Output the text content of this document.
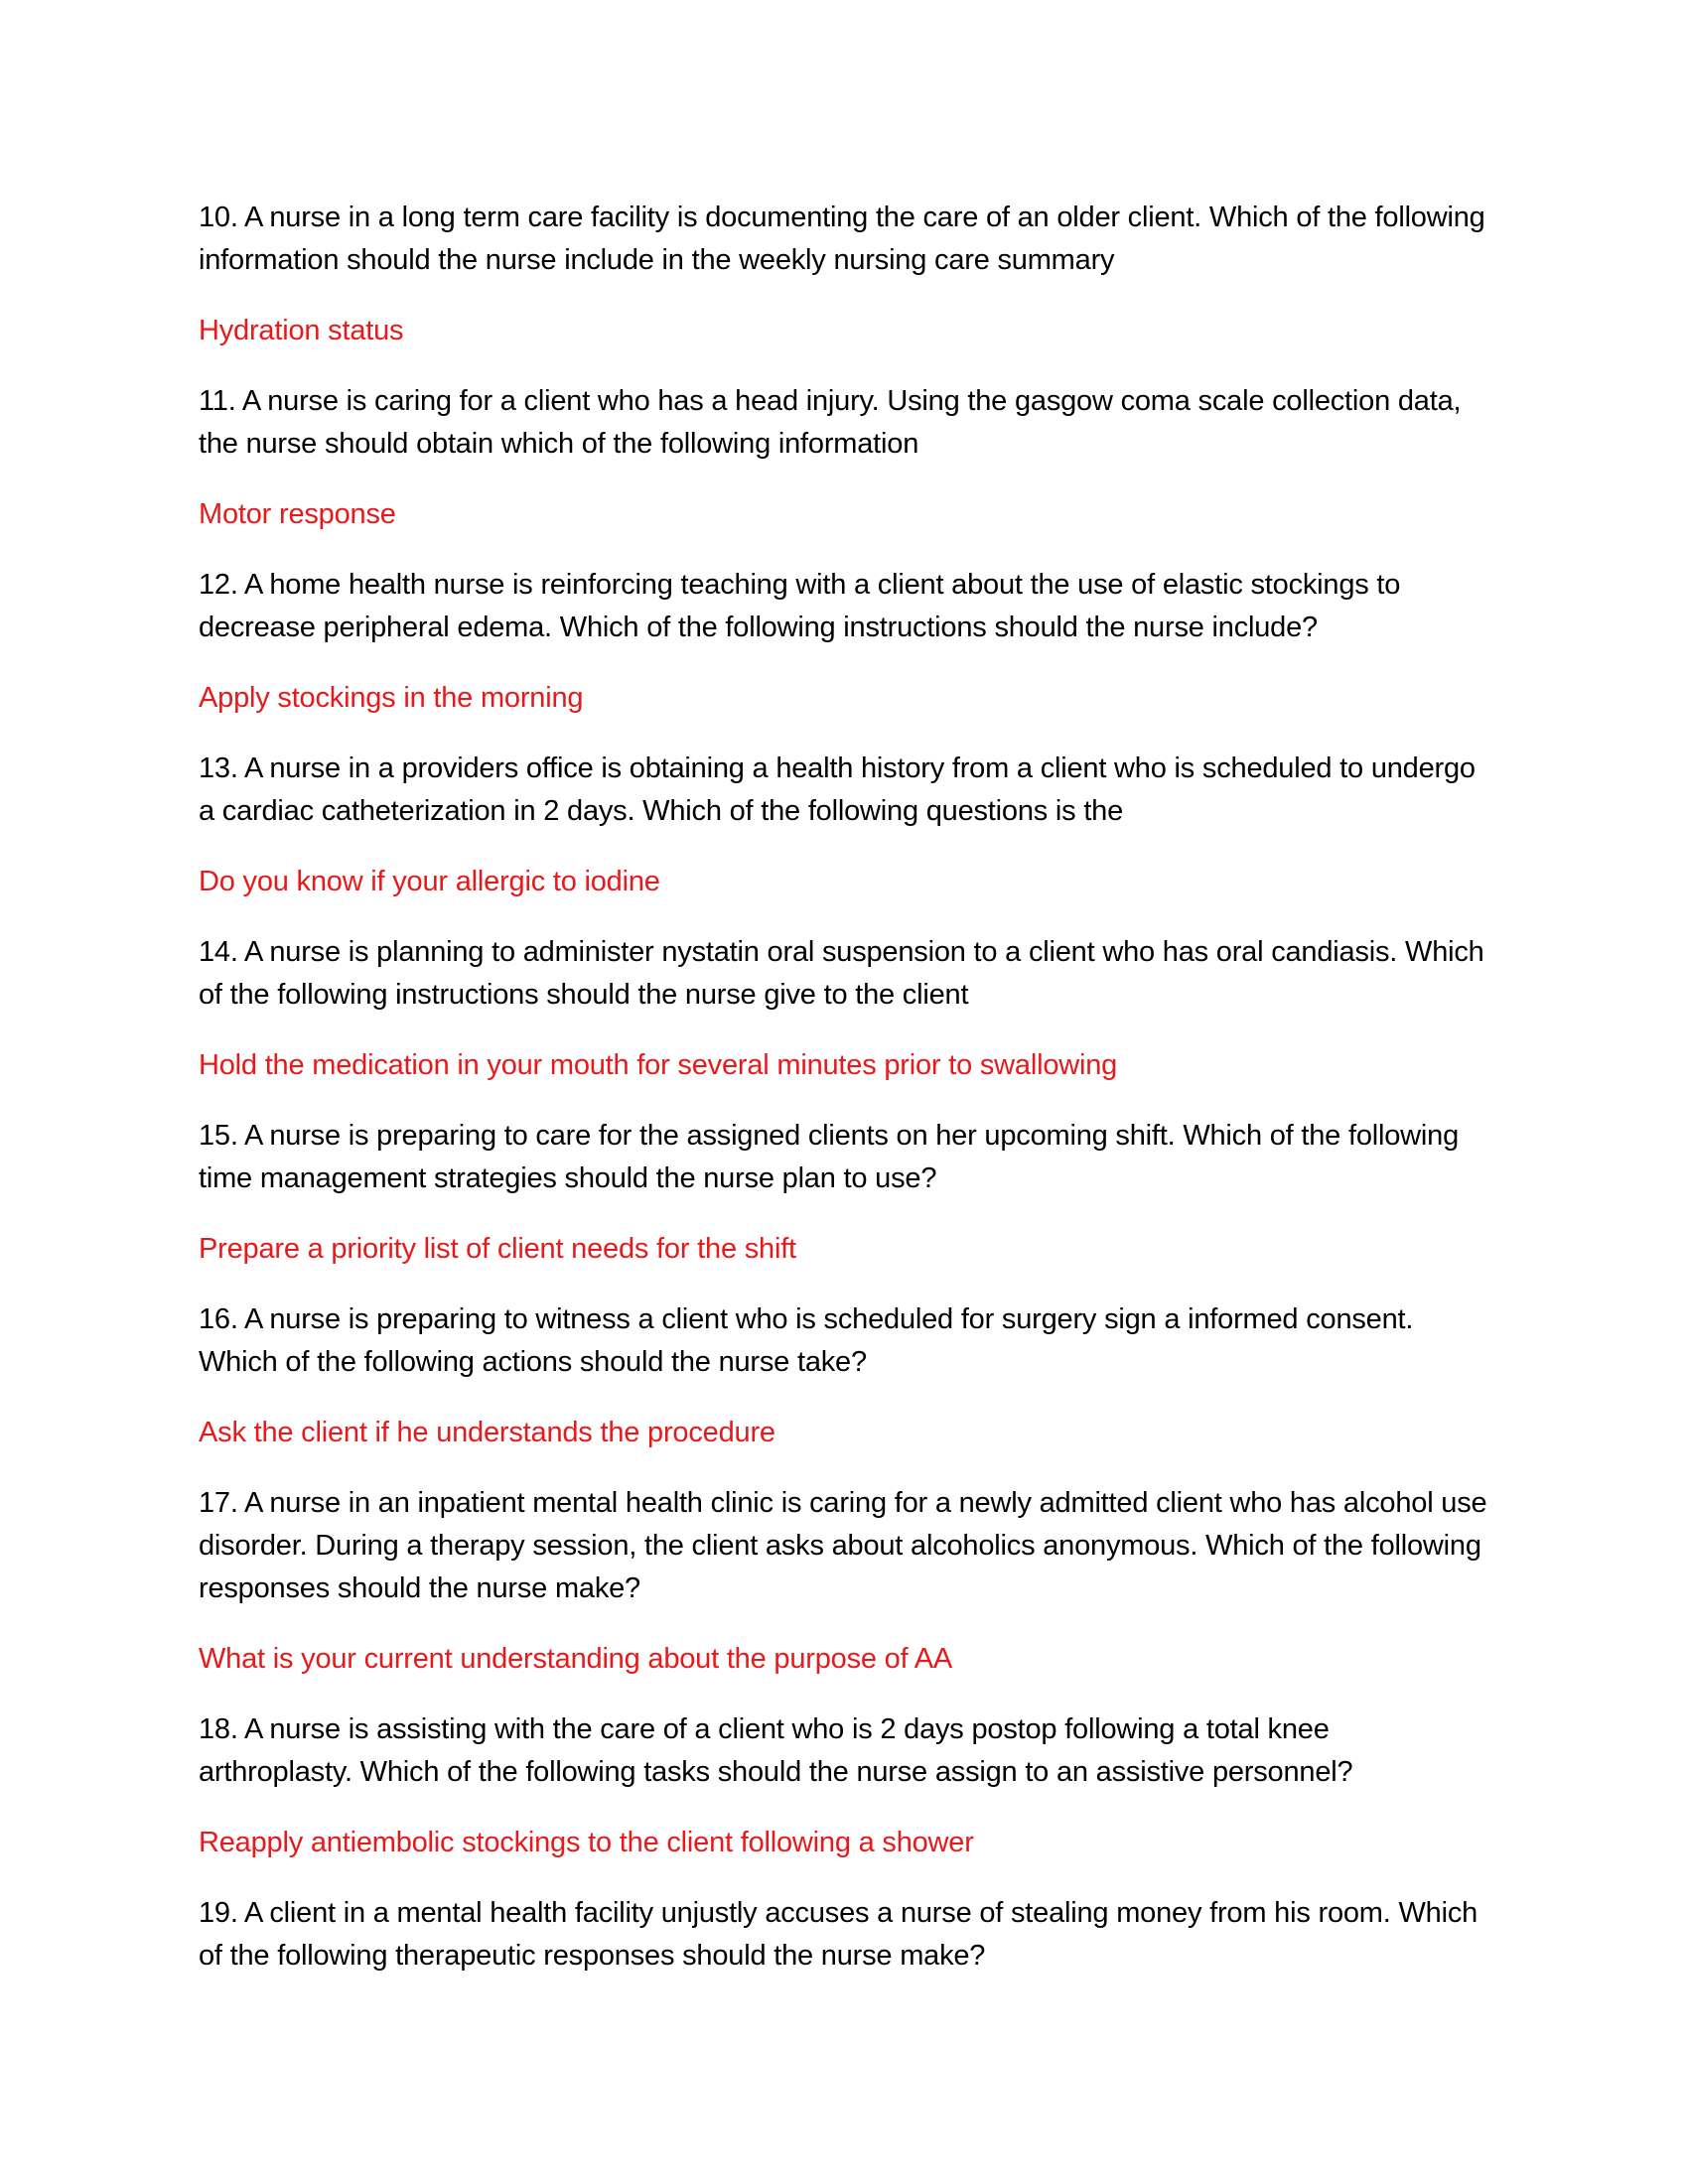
10. A nurse in a long term care facility is documenting the care of an older client. Which of the following information should the nurse include in the weekly nursing care summary

Hydration status

11. A nurse is caring for a client who has a head injury. Using the gasgow coma scale collection data, the nurse should obtain which of the following information

Motor response

12. A home health nurse is reinforcing teaching with a client about the use of elastic stockings to decrease peripheral edema. Which of the following instructions should the nurse include?

Apply stockings in the morning

13. A nurse in a providers office is obtaining a health history from a client who is scheduled to undergo a cardiac catheterization in 2 days. Which of the following questions is the

Do you know if your allergic to iodine

14. A nurse is planning to administer nystatin oral suspension to a client who has oral candiasis. Which of the following instructions should the nurse give to the client

Hold the medication in your mouth for several minutes prior to swallowing

15. A nurse is preparing to care for the assigned clients on her upcoming shift. Which of the following time management strategies should the nurse plan to use?

Prepare a priority list of client needs for the shift

16. A nurse is preparing to witness a client who is scheduled for surgery sign a informed consent. Which of the following actions should the nurse take?

Ask the client if he understands the procedure

17. A nurse in an inpatient mental health clinic is caring for a newly admitted client who has alcohol use disorder. During a therapy session, the client asks about alcoholics anonymous. Which of the following responses should the nurse make?

What is your current understanding about the purpose of AA

18. A nurse is assisting with the care of a client who is 2 days postop following a total knee arthroplasty. Which of the following tasks should the nurse assign to an assistive personnel?

Reapply antiembolic stockings to the client following a shower

19. A client in a mental health facility unjustly accuses a nurse of stealing money from his room. Which of the following therapeutic responses should the nurse make?
